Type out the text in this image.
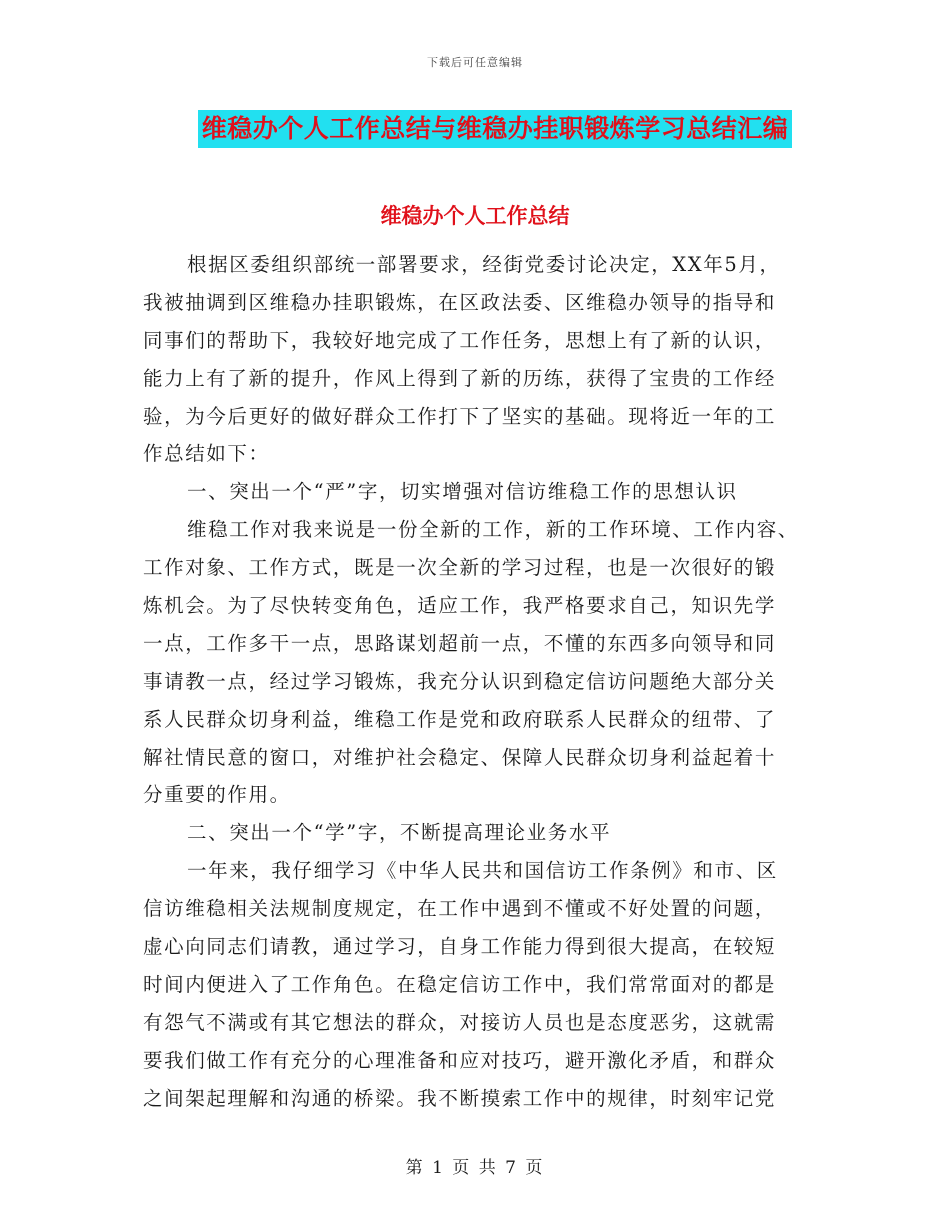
下载后可任意编辑
维稳办个人工作总结与维稳办挂职锻炼学习总结汇编
维稳办个人工作总结
根据区委组织部统一部署要求，经街党委讨论决定，XX年5月，
我被抽调到区维稳办挂职锻炼，在区政法委、区维稳办领导的指导和
同事们的帮助下，我较好地完成了工作任务，思想上有了新的认识，
能力上有了新的提升，作风上得到了新的历练，获得了宝贵的工作经
验，为今后更好的做好群众工作打下了坚实的基础。现将近一年的工
作总结如下：
一、突出一个“严”字，切实增强对信访维稳工作的思想认识
维稳工作对我来说是一份全新的工作，新的工作环境、工作内容、
工作对象、工作方式，既是一次全新的学习过程，也是一次很好的锻
炼机会。为了尽快转变角色，适应工作，我严格要求自己，知识先学
一点，工作多干一点，思路谋划超前一点，不懂的东西多向领导和同
事请教一点，经过学习锻炼，我充分认识到稳定信访问题绝大部分关
系人民群众切身利益，维稳工作是党和政府联系人民群众的纽带、了
解社情民意的窗口，对维护社会稳定、保障人民群众切身利益起着十
分重要的作用。
二、突出一个“学”字，不断提高理论业务水平
一年来，我仔细学习《中华人民共和国信访工作条例》和市、区
信访维稳相关法规制度规定，在工作中遇到不懂或不好处置的问题，
虚心向同志们请教，通过学习，自身工作能力得到很大提高，在较短
时间内便进入了工作角色。在稳定信访工作中，我们常常面对的都是
有怨气不满或有其它想法的群众，对接访人员也是态度恶劣，这就需
要我们做工作有充分的心理准备和应对技巧，避开激化矛盾，和群众
之间架起理解和沟通的桥梁。我不断摸索工作中的规律，时刻牢记党
第 1 页 共 7 页
